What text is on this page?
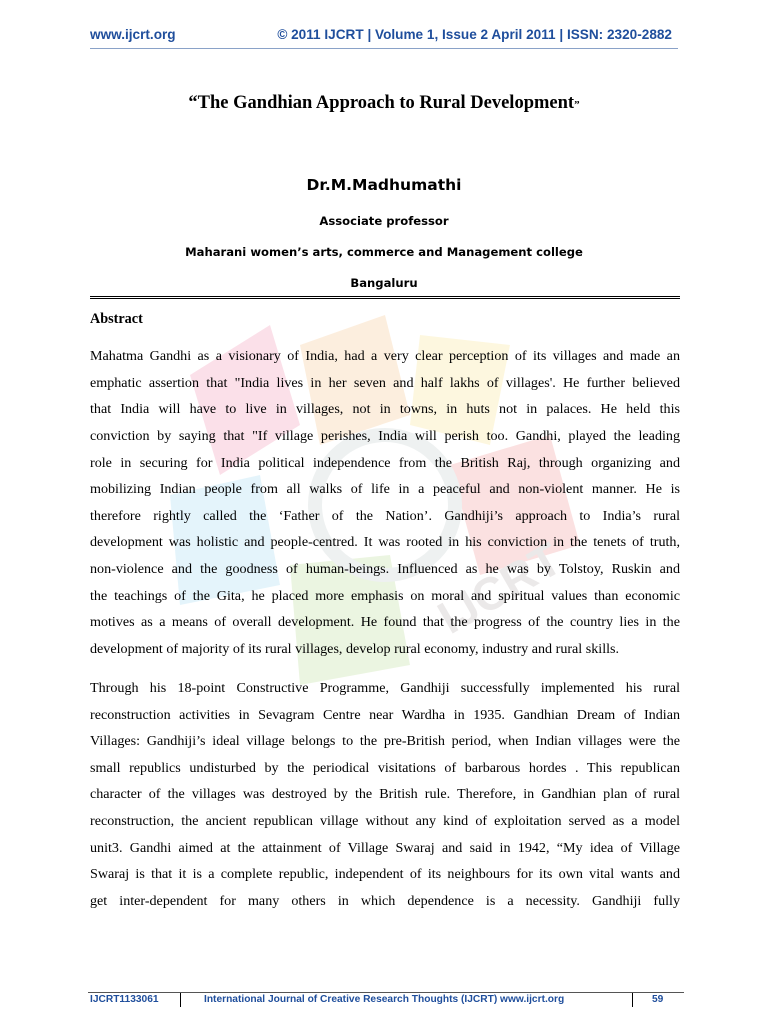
IJCRT
www.ijcrt.org	© 2011 IJCRT | Volume 1, Issue 2 April 2011 | ISSN: 2320-2882
“The Gandhian Approach to Rural Development”
Dr.M.Madhumathi
Associate professor
Maharani women’s arts, commerce and Management college
Bangaluru
Abstract
Mahatma Gandhi as a visionary of India, had a very clear perception of its villages and made an
emphatic assertion that "India lives in her seven and half lakhs of villages'. He further believed
that India will have to live in villages, not in towns, in huts not in palaces. He held this
conviction by saying that "If village perishes, India will perish too. Gandhi, played the leading
role in securing for India political independence from the British Raj, through organizing and
mobilizing Indian people from all walks of life in a peaceful and non-violent manner. He is
therefore rightly called the ‘Father of the Nation’. Gandhiji’s approach to India’s rural
development was holistic and people-centred. It was rooted in his conviction in the tenets of truth,
non-violence and the goodness of human-beings. Influenced as he was by Tolstoy, Ruskin and
the teachings of the Gita, he placed more emphasis on moral and spiritual values than economic
motives as a means of overall development. He found that the progress of the country lies in the
development of majority of its rural villages, develop rural economy, industry and rural skills.
Through his 18-point Constructive Programme, Gandhiji successfully implemented his rural
reconstruction activities in Sevagram Centre near Wardha in 1935. Gandhian Dream of Indian
Villages: Gandhiji’s ideal village belongs to the pre-British period, when Indian villages were the
small republics undisturbed by the periodical visitations of barbarous hordes . This republican
character of the villages was destroyed by the British rule. Therefore, in Gandhian plan of rural
reconstruction, the ancient republican village without any kind of exploitation served as a model
unit3. Gandhi aimed at the attainment of Village Swaraj and said in 1942, “My idea of Village
Swaraj is that it is a complete republic, independent of its neighbours for its own vital wants and
get inter-dependent for many others in which dependence is a necessity. Gandhiji fully
IJCRT1133061	International Journal of Creative Research Thoughts (IJCRT) www.ijcrt.org	59
